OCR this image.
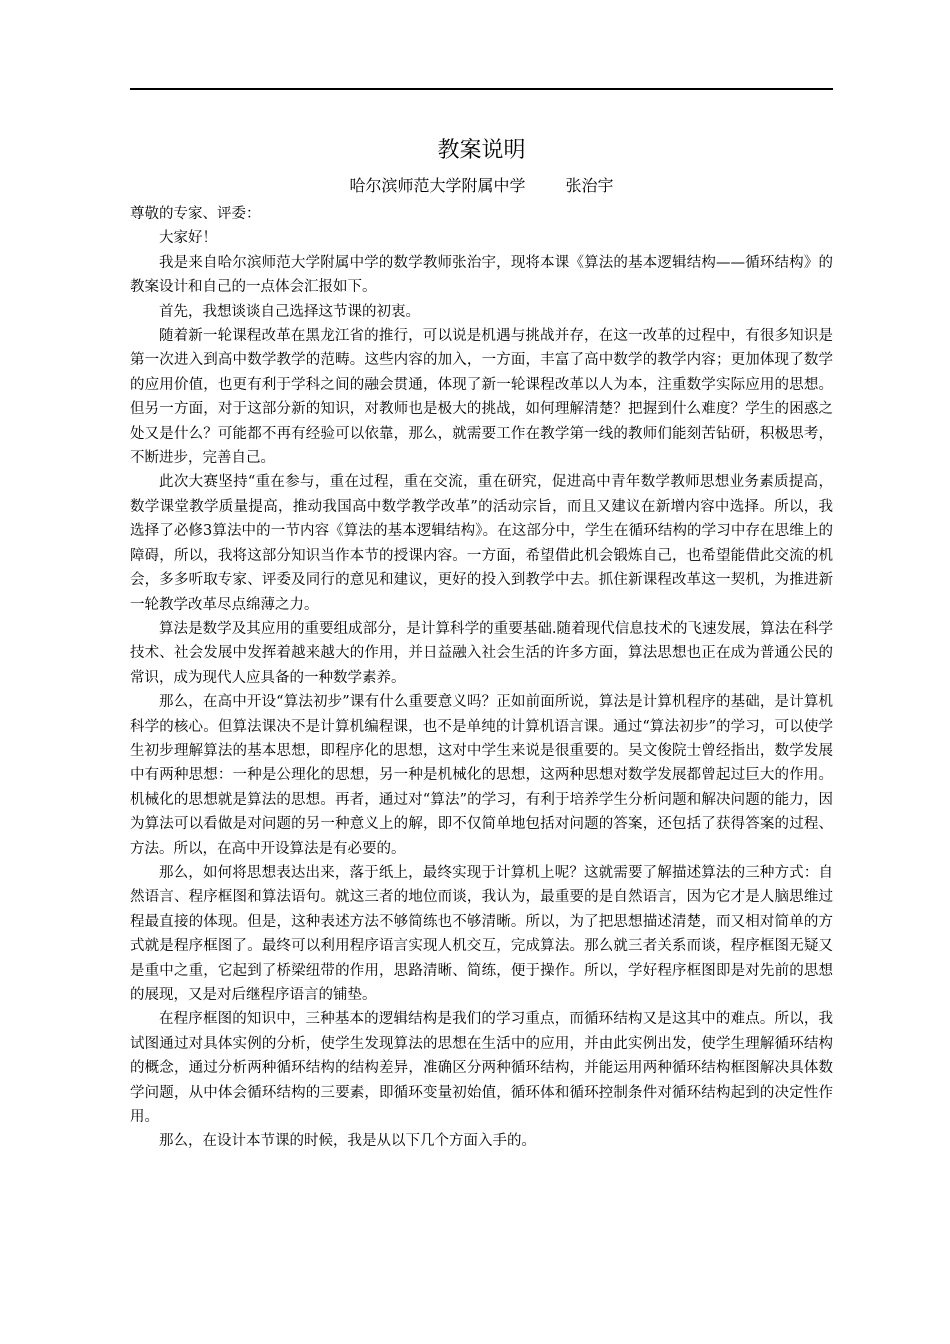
教案说明
哈尔滨师范大学附属中学	张治宇

尊敬的专家、评委：

大家好！

我是来自哈尔滨师范大学附属中学的数学教师张治宇，现将本课《算法的基本逻辑结构——循环结构》的教案设计和自己的一点体会汇报如下。

首先，我想谈谈自己选择这节课的初衷。

随着新一轮课程改革在黑龙江省的推行，可以说是机遇与挑战并存，在这一改革的过程中，有很多知识是第一次进入到高中数学教学的范畴。这些内容的加入，一方面，丰富了高中数学的教学内容；更加体现了数学的应用价值，也更有利于学科之间的融会贯通，体现了新一轮课程改革以人为本，注重数学实际应用的思想。但另一方面，对于这部分新的知识，对教师也是极大的挑战，如何理解清楚？把握到什么难度？学生的困惑之处又是什么？可能都不再有经验可以依靠，那么，就需要工作在教学第一线的教师们能刻苦钻研，积极思考，不断进步，完善自己。

此次大赛坚持“重在参与，重在过程，重在交流，重在研究，促进高中青年数学教师思想业务素质提高，数学课堂教学质量提高，推动我国高中数学教学改革”的活动宗旨，而且又建议在新增内容中选择。所以，我选择了必修3算法中的一节内容《算法的基本逻辑结构》。在这部分中，学生在循环结构的学习中存在思维上的障碍，所以，我将这部分知识当作本节的授课内容。一方面，希望借此机会锻炼自己，也希望能借此交流的机会，多多听取专家、评委及同行的意见和建议，更好的投入到教学中去。抓住新课程改革这一契机，为推进新一轮教学改革尽点绵薄之力。

算法是数学及其应用的重要组成部分，是计算科学的重要基础.随着现代信息技术的飞速发展，算法在科学技术、社会发展中发挥着越来越大的作用，并日益融入社会生活的许多方面，算法思想也正在成为普通公民的常识，成为现代人应具备的一种数学素养。

那么，在高中开设“算法初步”课有什么重要意义吗？正如前面所说，算法是计算机程序的基础，是计算机科学的核心。但算法课决不是计算机编程课，也不是单纯的计算机语言课。通过“算法初步”的学习，可以使学生初步理解算法的基本思想，即程序化的思想，这对中学生来说是很重要的。吴文俊院士曾经指出，数学发展中有两种思想：一种是公理化的思想，另一种是机械化的思想，这两种思想对数学发展都曾起过巨大的作用。机械化的思想就是算法的思想。再者，通过对“算法”的学习，有利于培养学生分析问题和解决问题的能力，因为算法可以看做是对问题的另一种意义上的解，即不仅简单地包括对问题的答案，还包括了获得答案的过程、方法。所以，在高中开设算法是有必要的。

那么，如何将思想表达出来，落于纸上，最终实现于计算机上呢？这就需要了解描述算法的三种方式：自然语言、程序框图和算法语句。就这三者的地位而谈，我认为，最重要的是自然语言，因为它才是人脑思维过程最直接的体现。但是，这种表述方法不够简练也不够清晰。所以，为了把思想描述清楚，而又相对简单的方式就是程序框图了。最终可以利用程序语言实现人机交互，完成算法。那么就三者关系而谈，程序框图无疑又是重中之重，它起到了桥梁纽带的作用，思路清晰、简练，便于操作。所以，学好程序框图即是对先前的思想的展现，又是对后继程序语言的铺垫。

在程序框图的知识中，三种基本的逻辑结构是我们的学习重点，而循环结构又是这其中的难点。所以，我试图通过对具体实例的分析，使学生发现算法的思想在生活中的应用，并由此实例出发，使学生理解循环结构的概念，通过分析两种循环结构的结构差异，准确区分两种循环结构，并能运用两种循环结构框图解决具体数学问题，从中体会循环结构的三要素，即循环变量初始值，循环体和循环控制条件对循环结构起到的决定性作用。

那么，在设计本节课的时候，我是从以下几个方面入手的。
